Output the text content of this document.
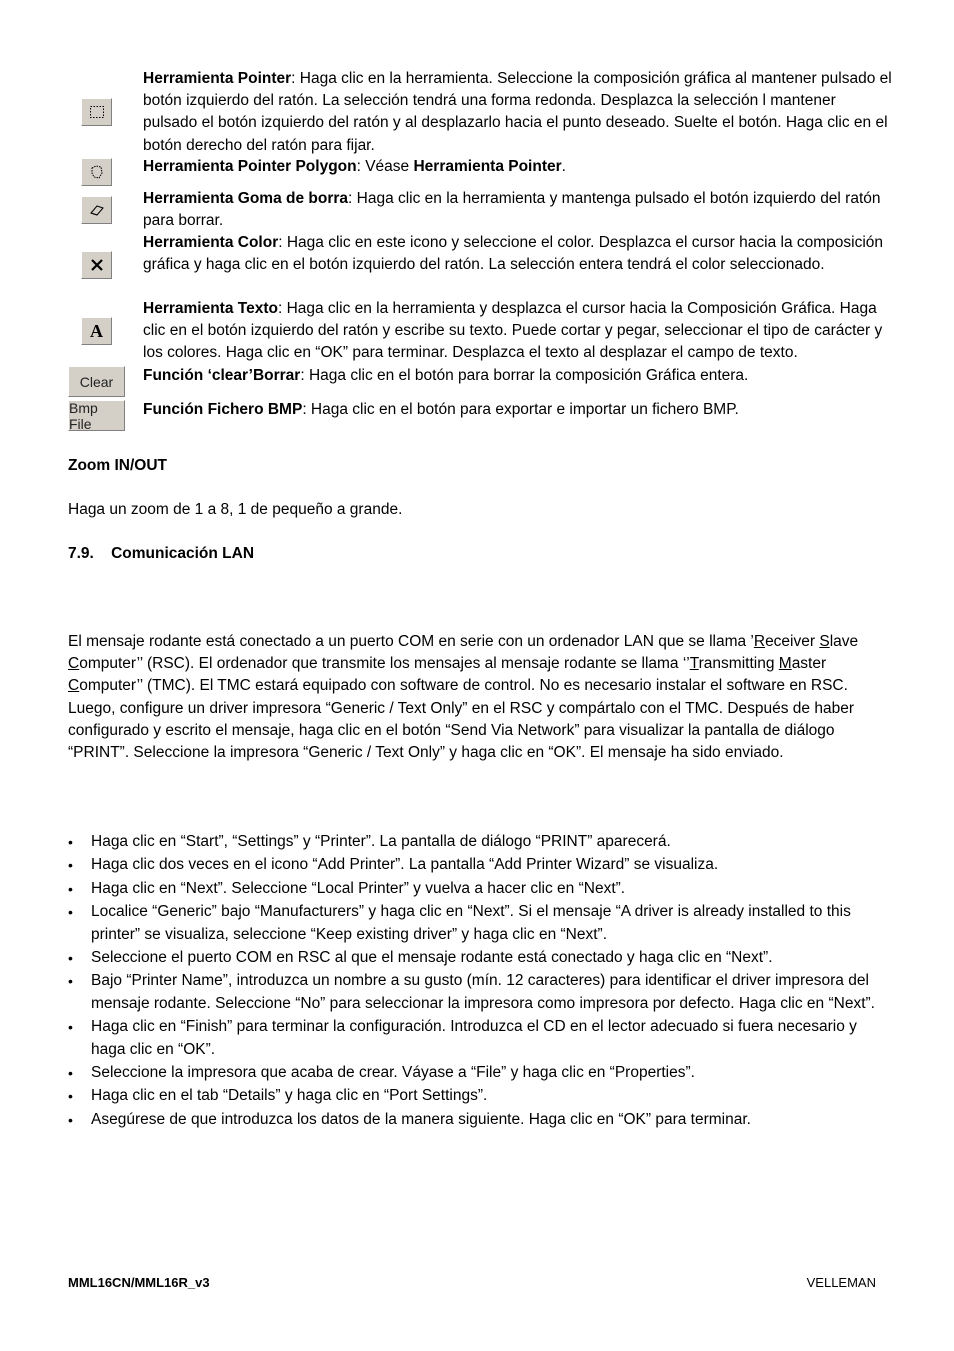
Herramienta Pointer: Haga clic en la herramienta. Seleccione la composición gráfica al mantener pulsado el botón izquierdo del ratón. La selección tendrá una forma redonda. Desplazca la selección l mantener pulsado el botón izquierdo del ratón y al desplazarlo hacia el punto deseado. Suelte el botón. Haga clic en el botón derecho del ratón para fijar.
Herramienta Pointer Polygon: Véase Herramienta Pointer.
Herramienta Goma de borra: Haga clic en la herramienta y mantenga pulsado el botón izquierdo del ratón para borrar.
Herramienta Color: Haga clic en este icono y seleccione el color. Desplazca el cursor hacia la composición gráfica y haga clic en el botón izquierdo del ratón. La selección entera tendrá el color seleccionado.
A
Herramienta Texto: Haga clic en la herramienta y desplazca el cursor hacia la Composición Gráfica. Haga clic en el botón izquierdo del ratón y escribe su texto. Puede cortar y pegar, seleccionar el tipo de carácter y los colores. Haga clic en “OK” para terminar. Desplazca el texto al desplazar el campo de texto.
Clear	Función ‘clear’Borrar: Haga clic en el botón para borrar la composición Gráfica entera.
Bmp File
Función Fichero BMP: Haga clic en el botón para exportar e importar un fichero BMP.
Zoom IN/OUT
Haga un zoom de 1 a 8, 1 de pequeño a grande.
7.9.    Comunicación LAN
El mensaje rodante está conectado a un puerto COM en serie con un ordenador LAN que se llama ’Receiver Slave
Computer’’ (RSC). El ordenador que transmite los mensajes al mensaje rodante se llama ‘’Transmitting Master
Computer’’ (TMC). El TMC estará equipado con software de control. No es necesario instalar el software en RSC. Luego, configure un driver impresora “Generic / Text Only” en el RSC y compártalo con el TMC. Después de haber configurado y escrito el mensaje, haga clic en el botón “Send Via Network” para visualizar la pantalla de diálogo “PRINT”. Seleccione la impresora “Generic / Text Only” y haga clic en “OK”. El mensaje ha sido enviado.
• Haga clic en “Start”, “Settings” y “Printer”. La pantalla de diálogo “PRINT” aparecerá.
• Haga clic dos veces en el icono “Add Printer”. La pantalla “Add Printer Wizard” se visualiza.
• Haga clic en “Next”. Seleccione “Local Printer” y vuelva a hacer clic en “Next”.
• Localice “Generic” bajo “Manufacturers” y haga clic en “Next”. Si el mensaje “A driver is already installed to this printer” se visualiza, seleccione “Keep existing driver” y haga clic en “Next”.
• Seleccione el puerto COM en RSC al que el mensaje rodante está conectado y haga clic en “Next”.
• Bajo “Printer Name”, introduzca un nombre a su gusto (mín. 12 caracteres) para identificar el driver impresora del mensaje rodante. Seleccione “No” para seleccionar la impresora como impresora por defecto. Haga clic en “Next”.
• Haga clic en “Finish” para terminar la configuración. Introduzca el CD en el lector adecuado si fuera necesario y haga clic en “OK”.
• Seleccione la impresora que acaba de crear. Váyase a “File” y haga clic en “Properties”.
• Haga clic en el tab “Details” y haga clic en “Port Settings”.
• Asegúrese de que introduzca los datos de la manera siguiente. Haga clic en “OK” para terminar.
MML16CN/MML16R_v3	VELLEMAN
